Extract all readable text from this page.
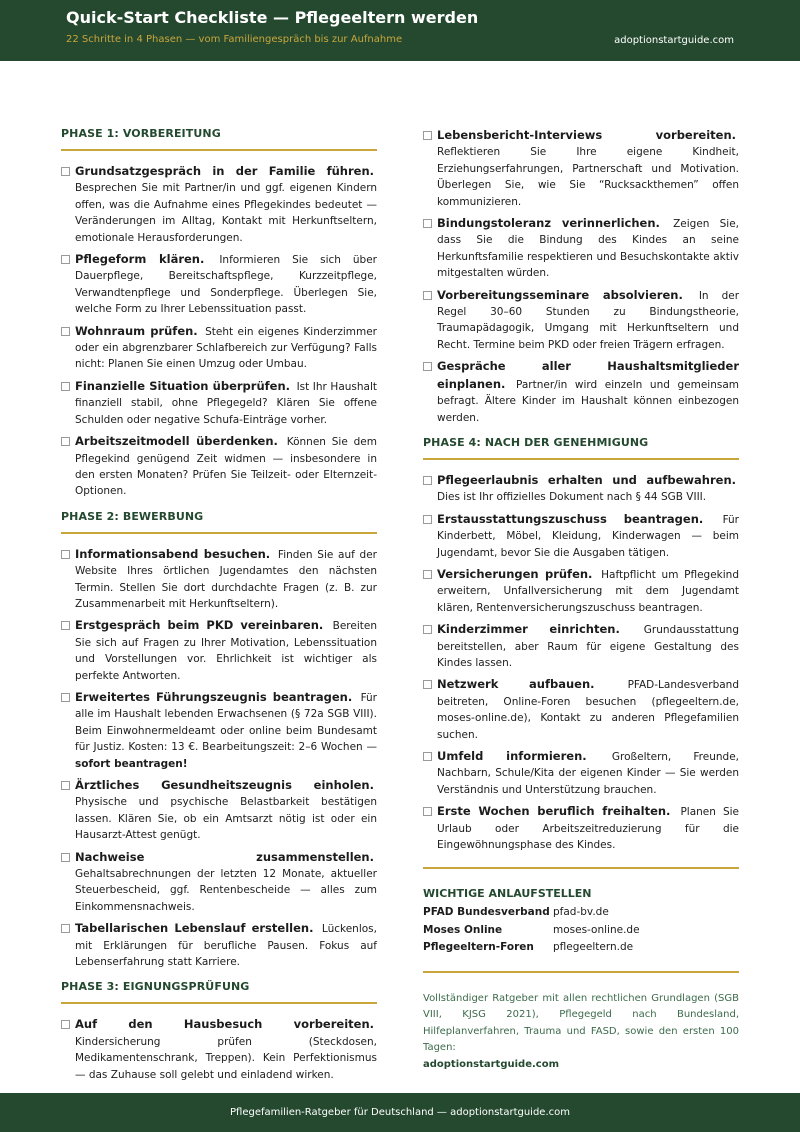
Quick-Start Checkliste — Pflegeeltern werden
22 Schritte in 4 Phasen — vom Familiengespräch bis zur Aufnahme	adoptionstartguide.com
PHASE 1: VORBEREITUNG
Grundsatzgespräch in der Familie führen. Besprechen Sie mit Partner/in und ggf. eigenen Kindern offen, was die Aufnahme eines Pflegekindes bedeutet — Veränderungen im Alltag, Kontakt mit Herkunftseltern, emotionale Herausforderungen.
Pflegeform klären. Informieren Sie sich über Dauerpflege, Bereitschaftspflege, Kurzzeitpflege, Verwandtenpflege und Sonderpflege. Überlegen Sie, welche Form zu Ihrer Lebenssituation passt.
Wohnraum prüfen. Steht ein eigenes Kinderzimmer oder ein abgrenzbarer Schlafbereich zur Verfügung? Falls nicht: Planen Sie einen Umzug oder Umbau.
Finanzielle Situation überprüfen. Ist Ihr Haushalt finanziell stabil, ohne Pflegegeld? Klären Sie offene Schulden oder negative Schufa-Einträge vorher.
Arbeitszeitmodell überdenken. Können Sie dem Pflegekind genügend Zeit widmen — insbesondere in den ersten Monaten? Prüfen Sie Teilzeit- oder Elternzeit-Optionen.
PHASE 2: BEWERBUNG
Informationsabend besuchen. Finden Sie auf der Website Ihres örtlichen Jugendamtes den nächsten Termin. Stellen Sie dort durchdachte Fragen (z. B. zur Zusammenarbeit mit Herkunftseltern).
Erstgespräch beim PKD vereinbaren. Bereiten Sie sich auf Fragen zu Ihrer Motivation, Lebenssituation und Vorstellungen vor. Ehrlichkeit ist wichtiger als perfekte Antworten.
Erweitertes Führungszeugnis beantragen. Für alle im Haushalt lebenden Erwachsenen (§ 72a SGB VIII). Beim Einwohnermeldeamt oder online beim Bundesamt für Justiz. Kosten: 13 €. Bearbeitungszeit: 2–6 Wochen — sofort beantragen!
Ärztliches Gesundheitszeugnis einholen. Physische und psychische Belastbarkeit bestätigen lassen. Klären Sie, ob ein Amtsarzt nötig ist oder ein Hausarzt-Attest genügt.
Nachweise zusammenstellen. Gehaltsabrechnungen der letzten 12 Monate, aktueller Steuerbescheid, ggf. Rentenbescheide — alles zum Einkommensnachweis.
Tabellarischen Lebenslauf erstellen. Lückenlos, mit Erklärungen für berufliche Pausen. Fokus auf Lebenserfahrung statt Karriere.
PHASE 3: EIGNUNGSPRÜFUNG
Auf den Hausbesuch vorbereiten. Kindersicherung prüfen (Steckdosen, Medikamentenschrank, Treppen). Kein Perfektionismus — das Zuhause soll gelebt und einladend wirken.
Lebensbericht-Interviews vorbereiten. Reflektieren Sie Ihre eigene Kindheit, Erziehungserfahrungen, Partnerschaft und Motivation. Überlegen Sie, wie Sie “Rucksackthemen” offen kommunizieren.
Bindungstoleranz verinnerlichen. Zeigen Sie, dass Sie die Bindung des Kindes an seine Herkunftsfamilie respektieren und Besuchskontakte aktiv mitgestalten würden.
Vorbereitungsseminare absolvieren. In der Regel 30–60 Stunden zu Bindungstheorie, Traumapädagogik, Umgang mit Herkunftseltern und Recht. Termine beim PKD oder freien Trägern erfragen.
Gespräche aller Haushaltsmitglieder einplanen. Partner/in wird einzeln und gemeinsam befragt. Ältere Kinder im Haushalt können einbezogen werden.
PHASE 4: NACH DER GENEHMIGUNG
Pflegeerlaubnis erhalten und aufbewahren. Dies ist Ihr offizielles Dokument nach § 44 SGB VIII.
Erstausstattungszuschuss beantragen. Für Kinderbett, Möbel, Kleidung, Kinderwagen — beim Jugendamt, bevor Sie die Ausgaben tätigen.
Versicherungen prüfen. Haftpflicht um Pflegekind erweitern, Unfallversicherung mit dem Jugendamt klären, Rentenversicherungszuschuss beantragen.
Kinderzimmer einrichten. Grundausstattung bereitstellen, aber Raum für eigene Gestaltung des Kindes lassen.
Netzwerk aufbauen.	PFAD-Landesverband beitreten, Online-Foren besuchen (pflegeeltern.de, moses-online.de), Kontakt zu anderen Pflegefamilien suchen.
Umfeld informieren. Großeltern, Freunde, Nachbarn, Schule/Kita der eigenen Kinder — Sie werden Verständnis und Unterstützung brauchen.
Erste Wochen beruflich freihalten. Planen Sie Urlaub oder Arbeitszeitreduzierung für die Eingewöhnungsphase des Kindes.
WICHTIGE ANLAUFSTELLEN
PFAD Bundesverband pfad-bv.de
Moses Online	moses-online.de
Pflegeeltern-Foren	pflegeeltern.de
Vollständiger Ratgeber mit allen rechtlichen Grundlagen (SGB VIII, KJSG 2021), Pflegegeld nach Bundesland, Hilfeplanverfahren, Trauma und FASD, sowie den ersten 100 Tagen:
adoptionstartguide.com
Pflegefamilien-Ratgeber für Deutschland — adoptionstartguide.com
